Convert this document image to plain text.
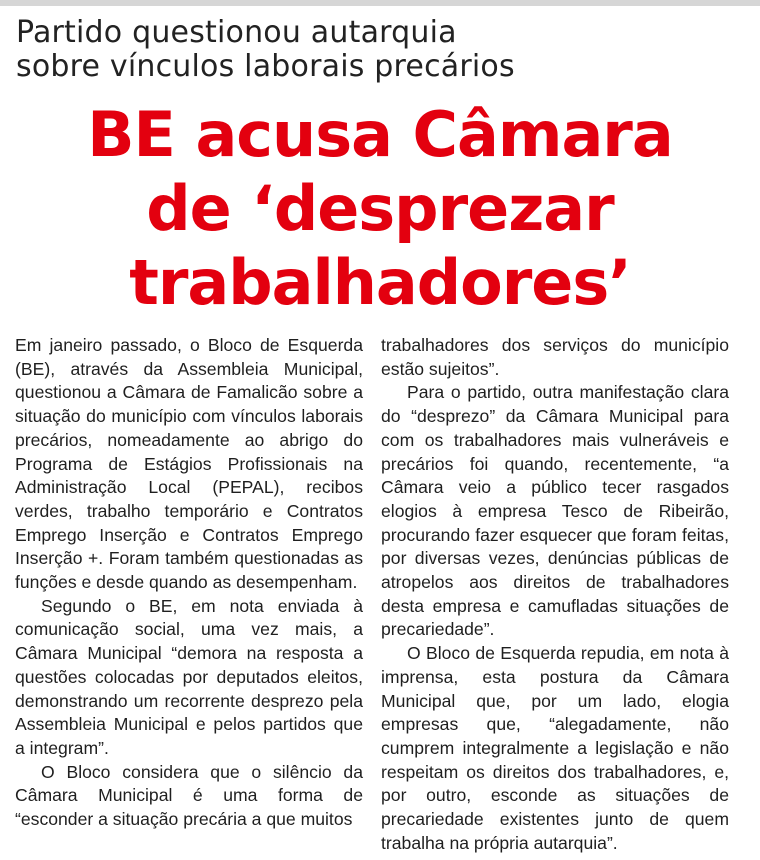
Partido questionou autarquia
sobre vínculos laborais precários
BE acusa Câmara
de ‘desprezar
trabalhadores’

Em janeiro passado, o Bloco de Esquerda (BE), através da Assembleia Municipal, questionou a Câmara de Famalicão sobre a situação do município com vínculos laborais precários, nomeadamente ao abrigo do Programa de Estágios Profissionais na Administração Local (PEPAL), recibos verdes, trabalho temporário e Contratos Emprego Inserção e Contratos Emprego Inserção +. Foram também questionadas as funções e desde quando as desempenham.

Segundo o BE, em nota enviada à comunicação social, uma vez mais, a Câmara Municipal “demora na resposta a questões colocadas por deputados eleitos, demonstrando um recorrente desprezo pela Assembleia Municipal e pelos partidos que a integram”.

O Bloco considera que o silêncio da Câmara Municipal é uma forma de “esconder a situação precária a que muitos

trabalhadores dos serviços do município estão sujeitos”.

Para o partido, outra manifestação clara do “desprezo” da Câmara Municipal para com os trabalhadores mais vulneráveis e precários foi quando, recentemente, “a Câmara veio a público tecer rasgados elogios à empresa Tesco de Ribeirão, procurando fazer esquecer que foram feitas, por diversas vezes, denúncias públicas de atropelos aos direitos de trabalhadores desta empresa e camufladas situações de precariedade”.

O Bloco de Esquerda repudia, em nota à imprensa, esta postura da Câmara Municipal que, por um lado, elogia empresas que, “alegadamente, não cumprem integralmente a legislação e não respeitam os direitos dos trabalhadores, e, por outro, esconde as situações de precariedade existentes junto de quem trabalha na própria autarquia”.
